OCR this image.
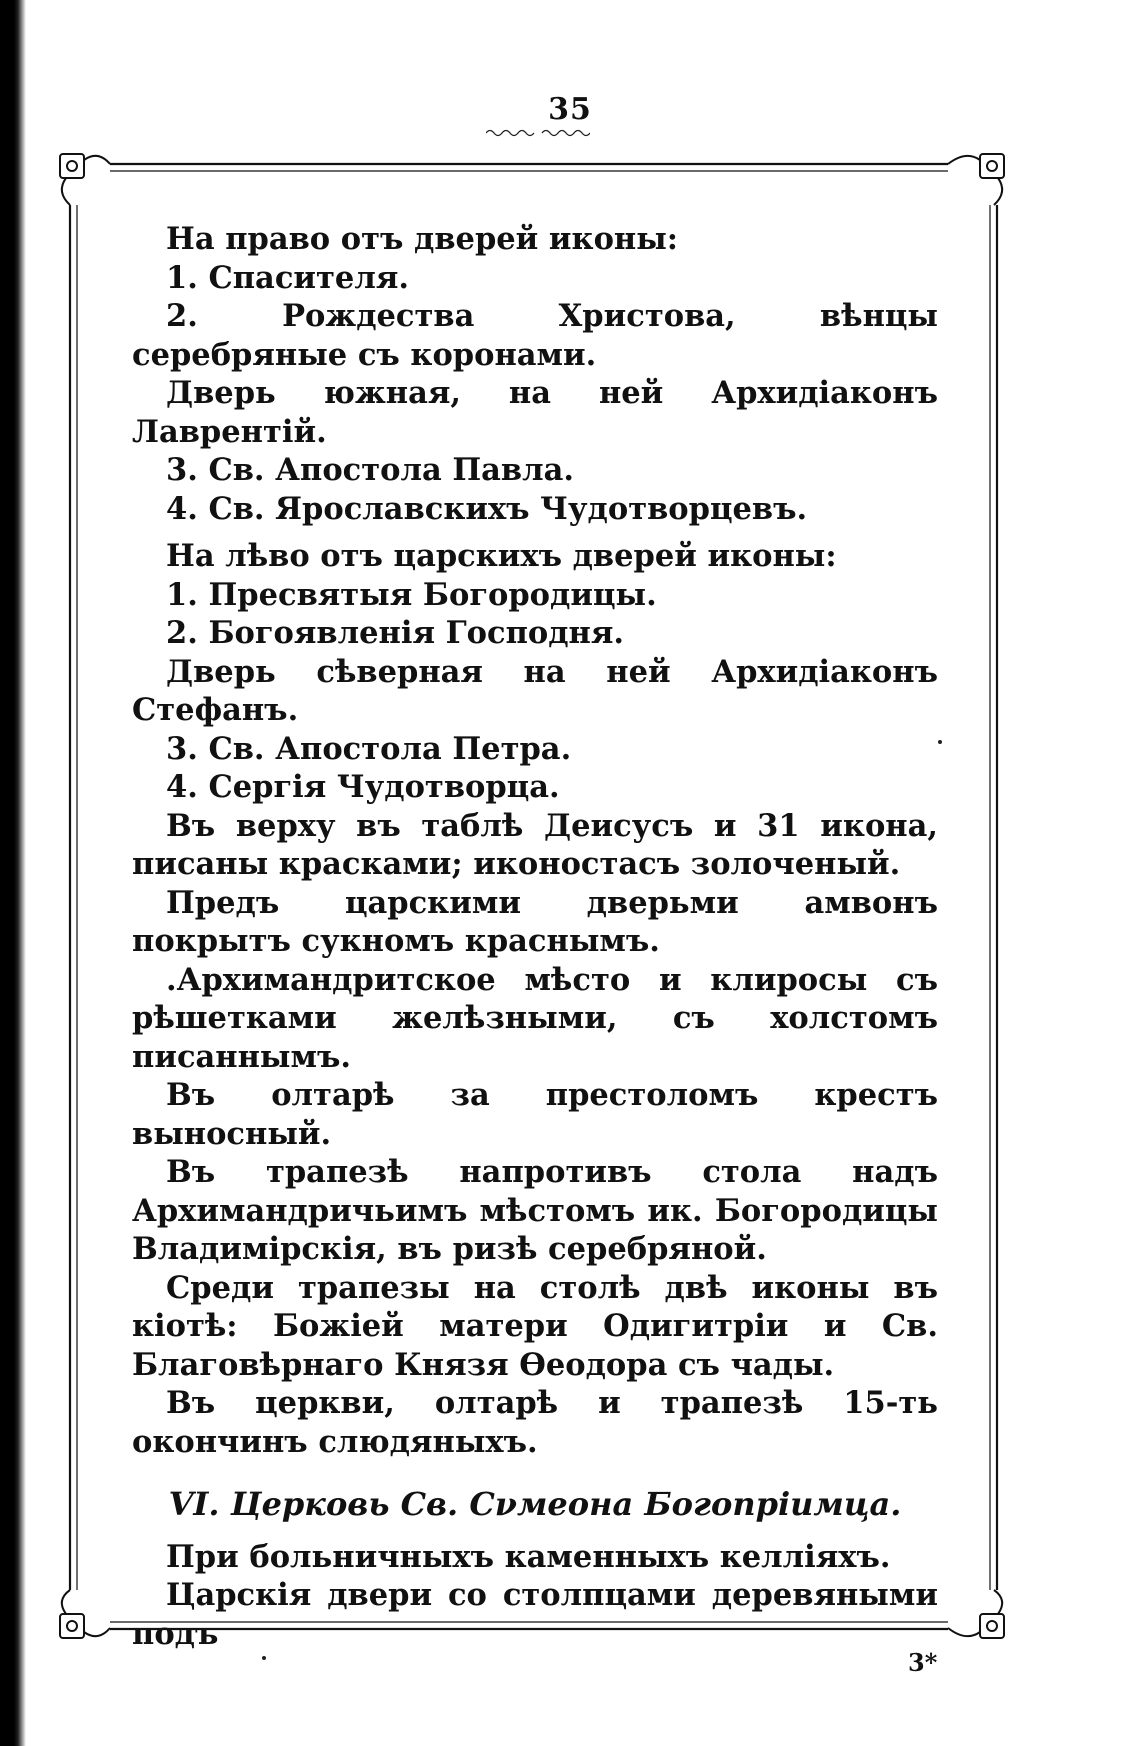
35

На право отъ дверей иконы:

1. Спасителя.

2. Рождества Христова, вѣнцы серебряные съ коронами.

Дверь южная, на ней Архидіаконъ Лаврентій.

3. Св. Апостола Павла.

4. Св. Ярославскихъ Чудотворцевъ.

На лѣво отъ царскихъ дверей иконы:

1. Пресвятыя Богородицы.

2. Богоявленія Господня.

Дверь сѣверная на ней Архидіаконъ Стефанъ.

3. Св. Апостола Петра.

4. Сергія Чудотворца.

Въ верху въ таблѣ Деисусъ и 31 икона, писаны красками; иконостасъ золоченый.

Предъ царскими дверьми амвонъ покрытъ сукномъ краснымъ.

.Архимандритское мѣсто и клиросы съ рѣшетками желѣзными, съ холстомъ писаннымъ.

Въ олтарѣ за престоломъ крестъ выносный.

Въ трапезѣ напротивъ стола надъ Архимандричьимъ мѣстомъ ик. Богородицы Владимірскія, въ ризѣ серебряной.

Среди трапезы на столѣ двѣ иконы въ кіотѣ: Божіей матери Одигитріи и Св. Благовѣрнаго Князя Ѳеодора съ чады.

Въ церкви, олтарѣ и трапезѣ 15-ть окончинъ слюдяныхъ.

VI. Церковь Св. Сνмеона Богопріимца.

При больничныхъ каменныхъ келліяхъ.

Царскія двери со столпцами деревяными подъ

3*
